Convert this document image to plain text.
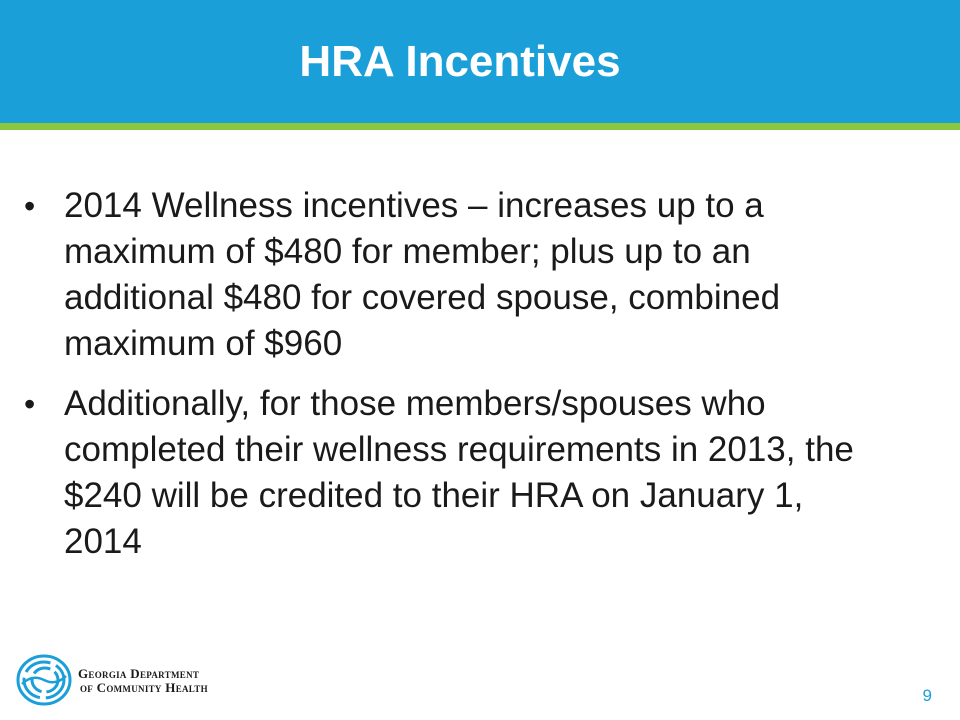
HRA Incentives
• 2014 Wellness incentives – increases up to a maximum of $480 for member; plus up to an additional $480 for covered spouse, combined maximum of $960
• Additionally, for those members/spouses who completed their wellness requirements in 2013, the $240 will be credited to their HRA on January 1, 2014
Georgia Department
of Community Health	9
